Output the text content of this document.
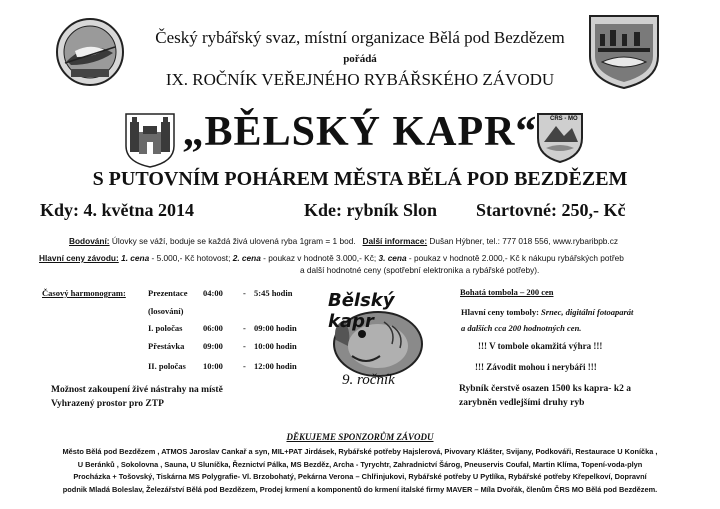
ČRS - MO
Český rybářský svaz, místní organizace Bělá pod Bezdězem
pořádá
IX. ROČNÍK VEŘEJNÉHO RYBÁŘSKÉHO ZÁVODU
„BĚLSKÝ KAPR“
S PUTOVNÍM POHÁREM MĚSTA BĚLÁ POD BEZDĚZEM
Kdy: 4. května 2014	Kde: rybník Slon Startovné: 250,- Kč
Bodování: Úlovky se váží, boduje se každá živá ulovená ryba 1gram = 1 bod. Další informace: Dušan Hýbner, tel.: 777 018 556, www.rybaribpb.cz
Hlavní ceny závodu: 1. cena - 5.000,- Kč hotovost; 2. cena - poukaz v hodnotě 3.000,- Kč; 3. cena - poukaz v hodnotě 2.000,- Kč k nákupu rybářských potřeb
a další hodnotné ceny (spotřební elektronika a rybářské potřeby).
Časový harmonogram:	Prezentace 04:00 - 5:45 hodin
(losování)
I. poločas 06:00 - 09:00 hodin
Přestávka 09:00 - 10:00 hodin
II. poločas 10:00 - 12:00 hodin
Možnost zakoupení živé nástrahy na místě
Vyhrazený prostor pro ZTP
Bělský kapr
9. ročník
Bohatá tombola – 200 cen
Hlavní ceny tomboly: Srnec, digitální fotoaparát
a dalších cca 200 hodnotných cen.
!!! V tombole okamžitá výhra !!!
!!! Závodit mohou i nerybáři !!!
Rybník čerstvě osazen 1500 ks kapra- k2 a
zarybněn vedlejšími druhy ryb
DĚKUJEME SPONZORŮM ZÁVODU
Město Bělá pod Bezdězem , ATMOS Jaroslav Cankař a syn, MIL+PAT Jirdásek, Rybářské potřeby Hajslerová, Pivovary Klášter, Svijany, Podkováři, Restaurace U Koníčka ,
U Beránků , Sokolovna , Sauna, U Sluníčka, Řeznictví Pálka, MS Bezděz, Archa - Tyrychtr, Zahradnictví Šárog, Pneuservis Coufal, Martin Klíma, Topení-voda-plyn
Procházka + Tošovský, Tiskárna MS Polygrafie- Vl. Brzobohatý, Pekárna Verona – Chlřinjukovi, Rybářské potřeby U Pytlíka, Rybářské potřeby Křepelkoví, Dopravní
podnik Mladá Boleslav, Železářství Bělá pod Bezdězem, Prodej krmení a komponentů do krmení italské firmy MAVER – Míla Dvořák, členům ČRS MO Bělá pod Bezdězem.
